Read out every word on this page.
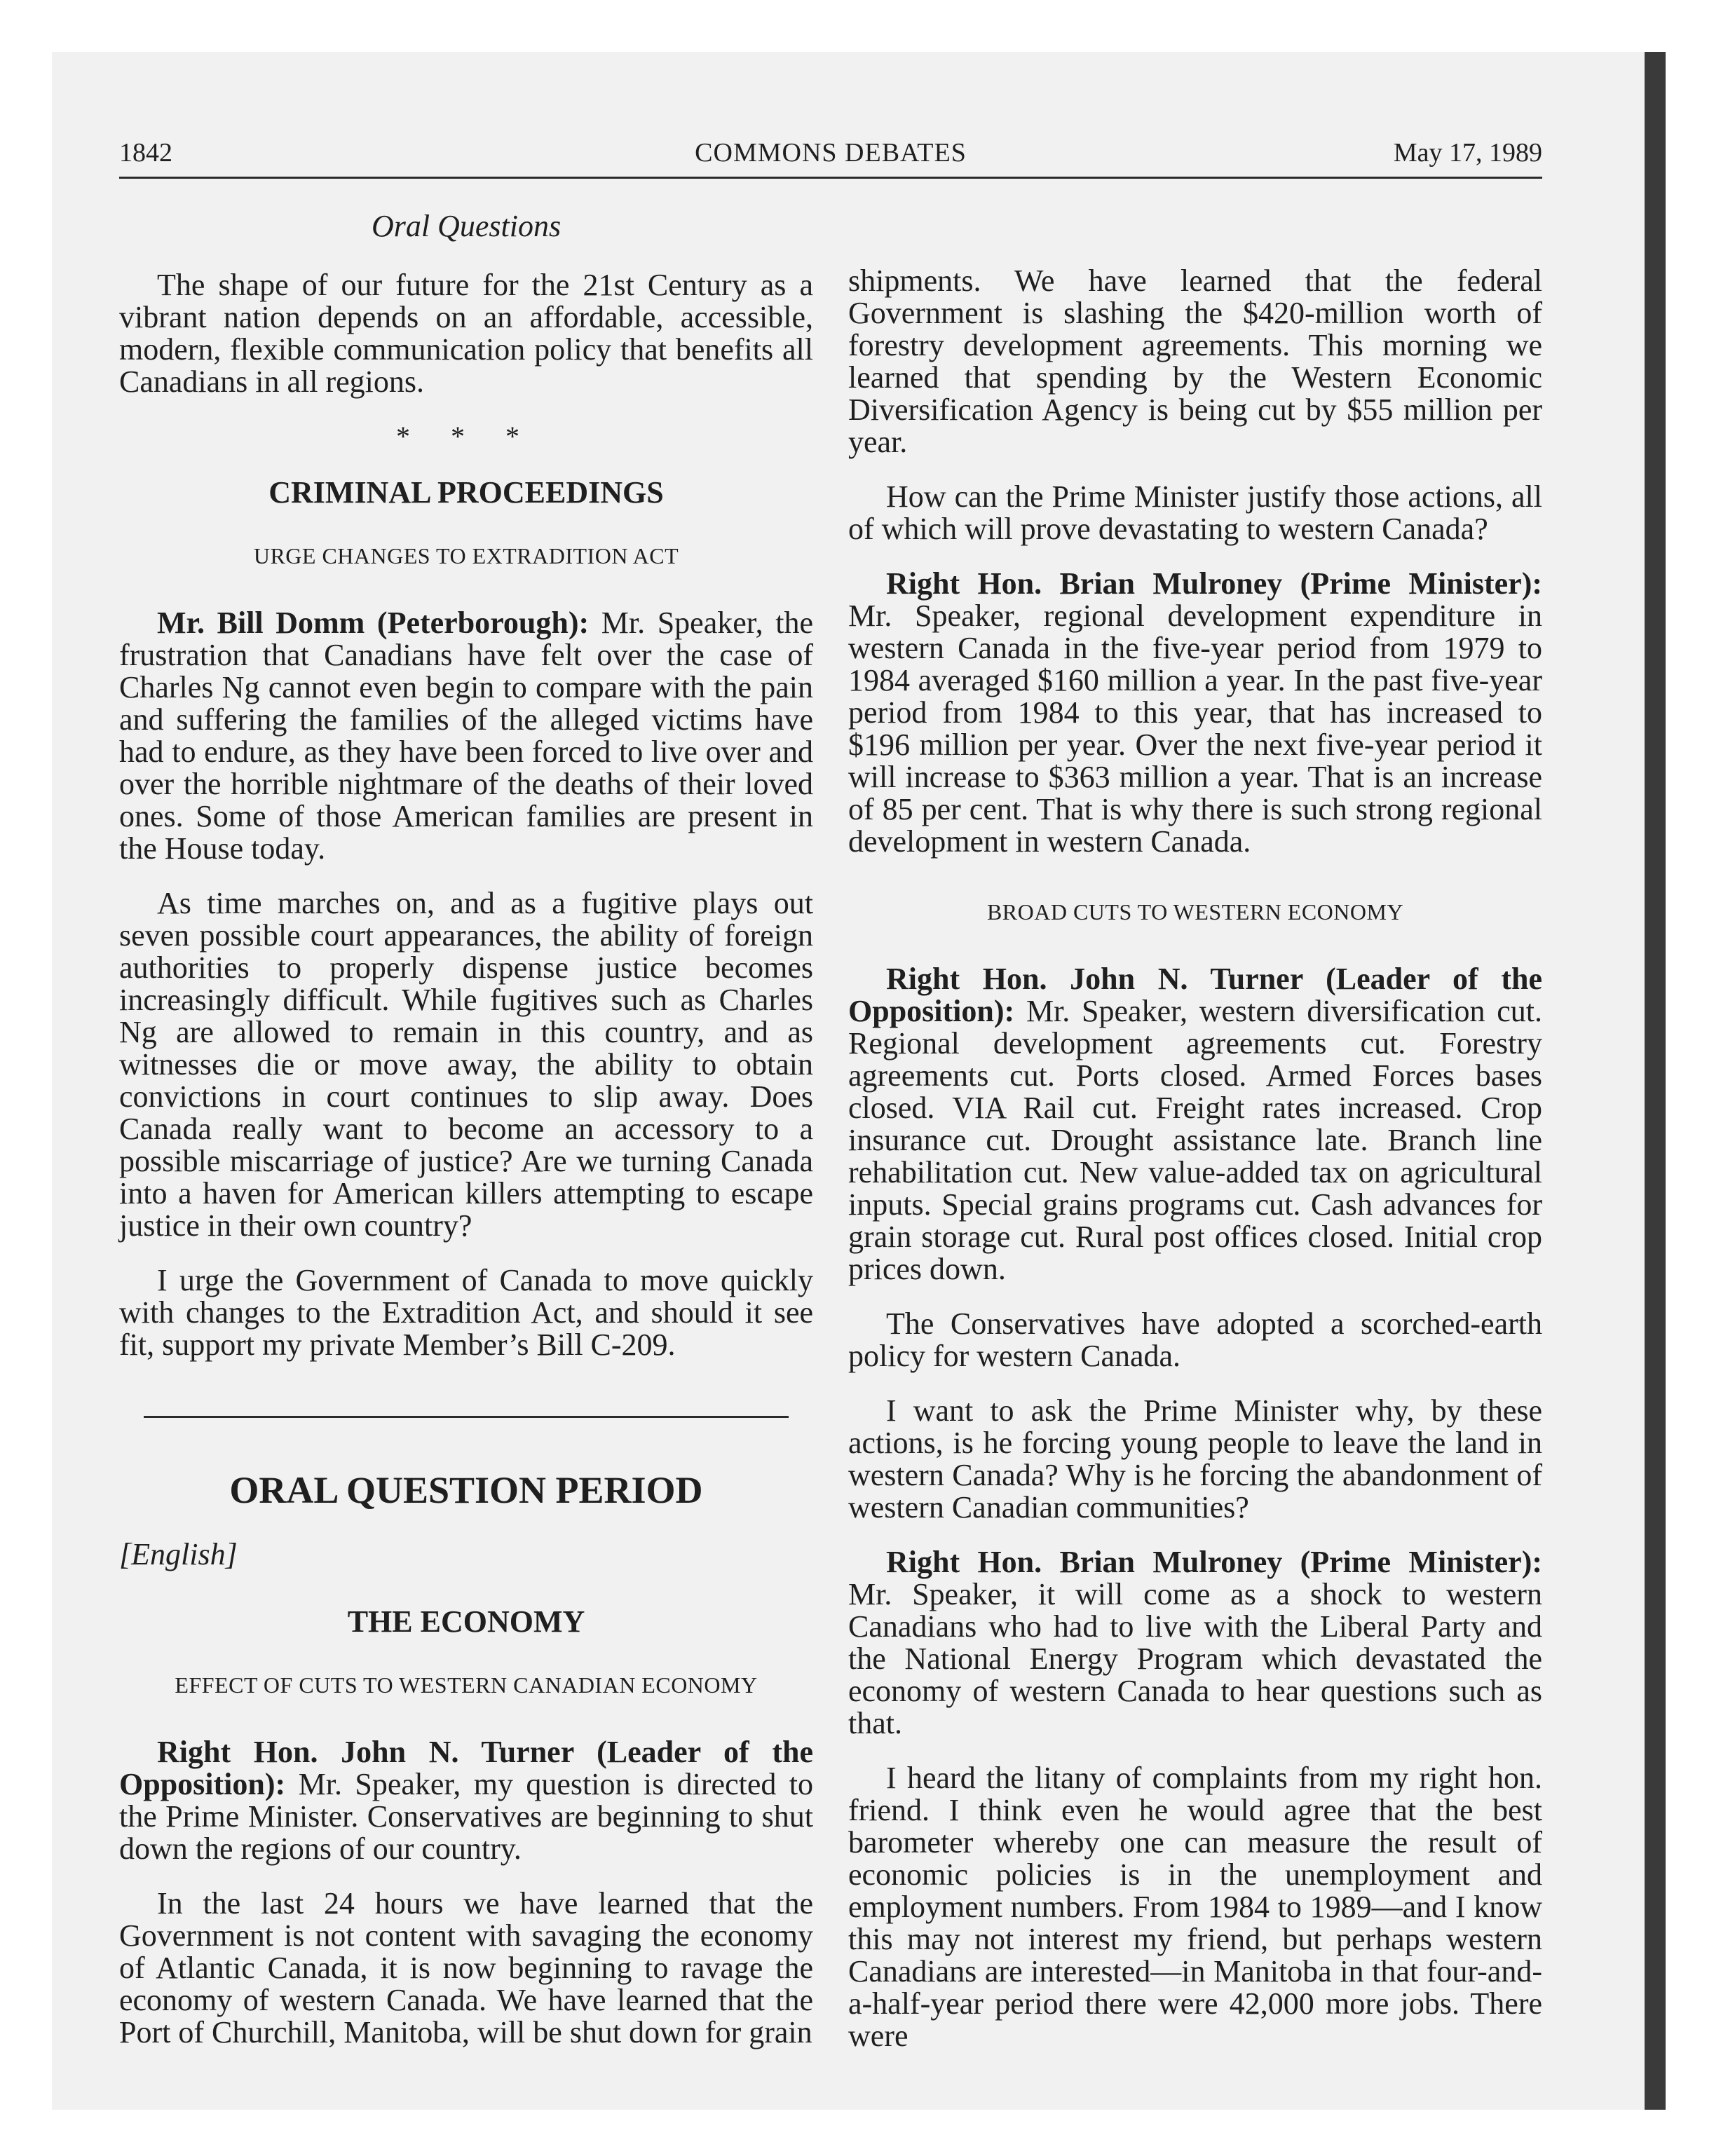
1842	COMMONS DEBATES	May 17, 1989
Oral Questions

The shape of our future for the 21st Century as a vibrant nation depends on an affordable, accessible, modern, flexible communication policy that benefits all Canadians in all regions.

* * *
CRIMINAL PROCEEDINGS
URGE CHANGES TO EXTRADITION ACT

Mr. Bill Domm (Peterborough): Mr. Speaker, the frustration that Canadians have felt over the case of Charles Ng cannot even begin to compare with the pain and suffering the families of the alleged victims have had to endure, as they have been forced to live over and over the horrible nightmare of the deaths of their loved ones. Some of those American families are present in the House today.

As time marches on, and as a fugitive plays out seven possible court appearances, the ability of foreign authorities to properly dispense justice becomes increasingly difficult. While fugitives such as Charles Ng are allowed to remain in this country, and as witnesses die or move away, the ability to obtain convictions in court continues to slip away. Does Canada really want to become an accessory to a possible miscarriage of justice? Are we turning Canada into a haven for American killers attempting to escape justice in their own country?

I urge the Government of Canada to move quickly with changes to the Extradition Act, and should it see fit, support my private Member’s Bill C-209.

ORAL QUESTION PERIOD
[English]
THE ECONOMY
EFFECT OF CUTS TO WESTERN CANADIAN ECONOMY

Right Hon. John N. Turner (Leader of the Opposition): Mr. Speaker, my question is directed to the Prime Minister. Conservatives are beginning to shut down the regions of our country.

In the last 24 hours we have learned that the Government is not content with savaging the economy of Atlantic Canada, it is now beginning to ravage the economy of western Canada. We have learned that the Port of Churchill, Manitoba, will be shut down for grain

shipments. We have learned that the federal Government is slashing the $420-million worth of forestry development agreements. This morning we learned that spending by the Western Economic Diversification Agency is being cut by $55 million per year.

How can the Prime Minister justify those actions, all of which will prove devastating to western Canada?

Right Hon. Brian Mulroney (Prime Minister): Mr. Speaker, regional development expenditure in western Canada in the five-year period from 1979 to 1984 averaged $160 million a year. In the past five-year period from 1984 to this year, that has increased to $196 million per year. Over the next five-year period it will increase to $363 million a year. That is an increase of 85 per cent. That is why there is such strong regional development in western Canada.

BROAD CUTS TO WESTERN ECONOMY

Right Hon. John N. Turner (Leader of the Opposition): Mr. Speaker, western diversification cut. Regional development agreements cut. Forestry agreements cut. Ports closed. Armed Forces bases closed. VIA Rail cut. Freight rates increased. Crop insurance cut. Drought assistance late. Branch line rehabilitation cut. New value-added tax on agricultural inputs. Special grains programs cut. Cash advances for grain storage cut. Rural post offices closed. Initial crop prices down.

The Conservatives have adopted a scorched-earth policy for western Canada.

I want to ask the Prime Minister why, by these actions, is he forcing young people to leave the land in western Canada? Why is he forcing the abandonment of western Canadian communities?

Right Hon. Brian Mulroney (Prime Minister): Mr. Speaker, it will come as a shock to western Canadians who had to live with the Liberal Party and the National Energy Program which devastated the economy of western Canada to hear questions such as that.

I heard the litany of complaints from my right hon. friend. I think even he would agree that the best barometer whereby one can measure the result of economic policies is in the unemployment and employment numbers. From 1984 to 1989—and I know this may not interest my friend, but perhaps western Canadians are interested—in Manitoba in that four-and-a-half-year period there were 42,000 more jobs. There were
